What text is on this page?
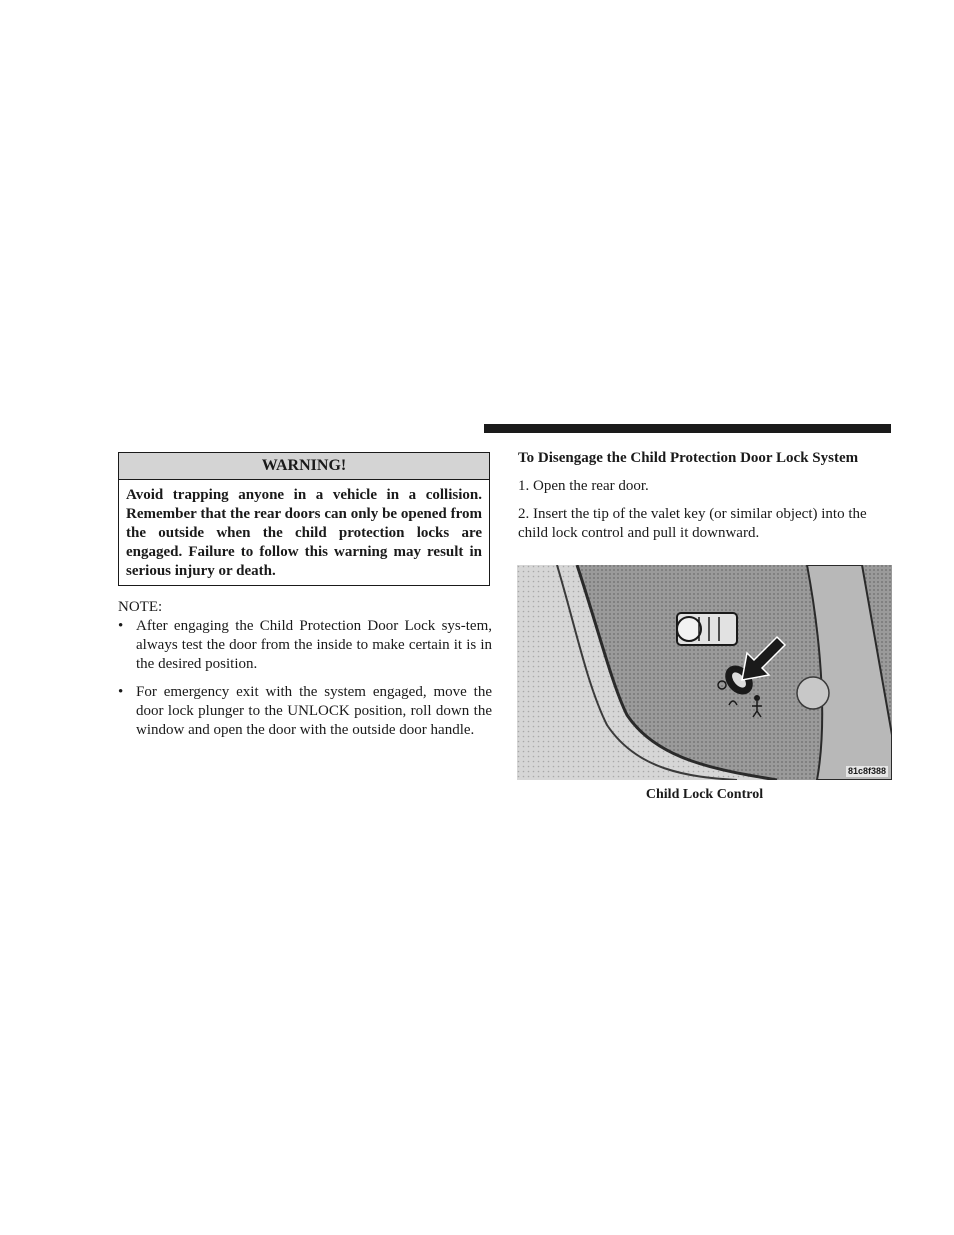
WARNING!
Avoid trapping anyone in a vehicle in a collision. Remember that the rear doors can only be opened from the outside when the child protection locks are engaged. Failure to follow this warning may result in serious injury or death.
NOTE:
• After engaging the Child Protection Door Lock sys-tem, always test the door from the inside to make certain it is in the desired position.
• For emergency exit with the system engaged, move the door lock plunger to the UNLOCK position, roll down the window and open the door with the outside door handle.
To Disengage the Child Protection Door Lock System

1. Open the rear door.

2. Insert the tip of the valet key (or similar object) into the child lock control and pull it downward.

81c8f388
Child Lock Control
